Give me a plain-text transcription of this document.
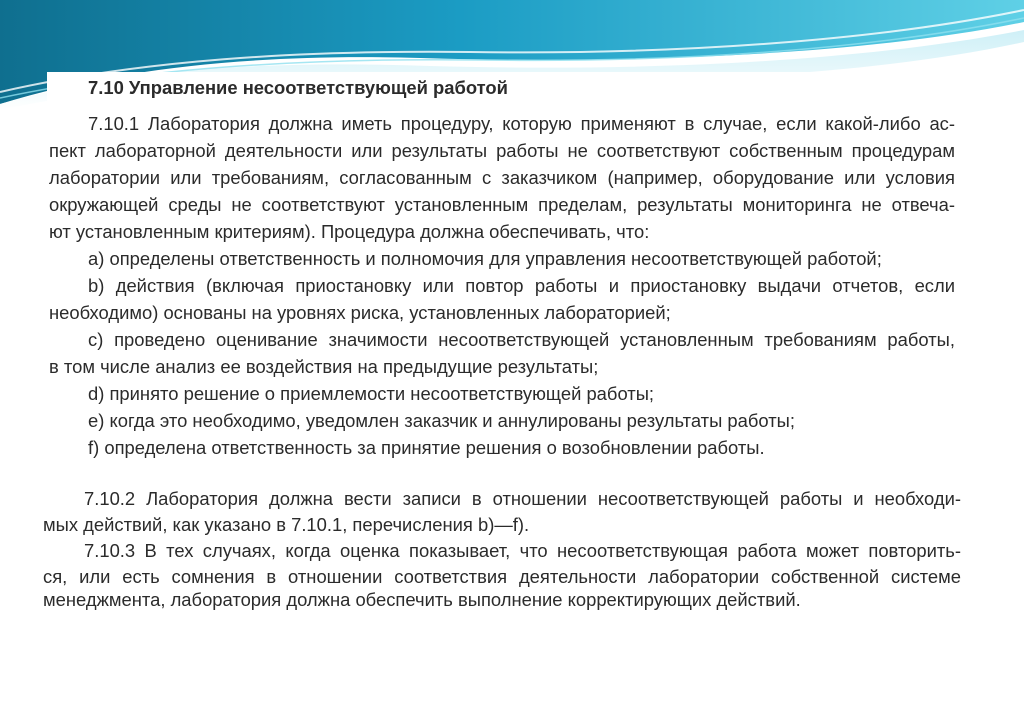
7.10 Управление несоответствующей работой
7.10.1 Лаборатория должна иметь процедуру, которую применяют в случае, если какой-либо ас-
пект лабораторной деятельности или результаты работы не соответствуют собственным процедурам
лаборатории или требованиям, согласованным с заказчиком (например, оборудование или условия
окружающей среды не соответствуют установленным пределам, результаты мониторинга не отвеча-
ют установленным критериям). Процедура должна обеспечивать, что:
a) определены ответственность и полномочия для управления несоответствующей работой;
b) действия (включая приостановку или повтор работы и приостановку выдачи отчетов, если
необходимо) основаны на уровнях риска, установленных лабораторией;
c) проведено оценивание значимости несоответствующей установленным требованиям работы,
в том числе анализ ее воздействия на предыдущие результаты;
d) принято решение о приемлемости несоответствующей работы;
e) когда это необходимо, уведомлен заказчик и аннулированы результаты работы;
f) определена ответственность за принятие решения о возобновлении работы.
7.10.2 Лаборатория должна вести записи в отношении несоответствующей работы и необходи-
мых действий, как указано в 7.10.1, перечисления b)—f).
7.10.3 В тех случаях, когда оценка показывает, что несоответствующая работа может повторить-
ся, или есть сомнения в отношении соответствия деятельности лаборатории собственной системе
менеджмента, лаборатория должна обеспечить выполнение корректирующих действий.
